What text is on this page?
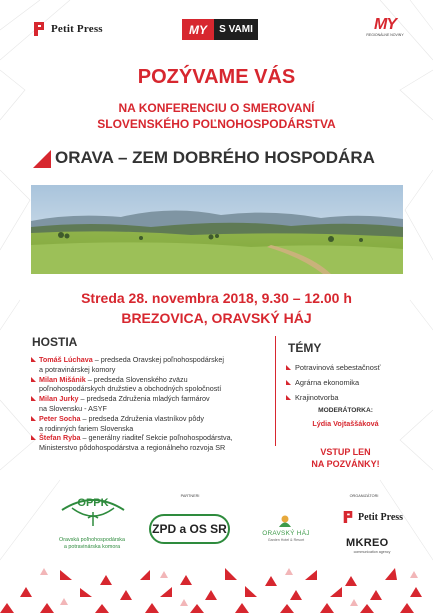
Petit Press	MY	S VAMI	MY
REGIONÁLNE NOVINY
POZÝVAME VÁS
NA KONFERENCIU O SMEROVANÍ
SLOVENSKÉHO POĽNOHOSPODÁRSTVA
ORAVA – ZEM DOBRÉHO HOSPODÁRA
Streda 28. novembra 2018, 9.30 – 12.00 h
BREZOVICA, ORAVSKÝ HÁJ
HOSTIA
Tomáš Lúchava – predseda Oravskej poľnohospodárskej
a potravinárskej komory
Milan Mišánik – predseda Slovenského zväzu
poľnohospodárskych družstiev a obchodných spoločností
Milan Jurky – predseda Združenia mladých farmárov
na Slovensku - ASYF
Peter Socha – predseda Združenia vlastníkov pôdy
a rodinných fariem Slovenska
Štefan Ryba – generálny riaditeľ Sekcie poľnohospodárstva,
Ministerstvo pôdohospodárstva a regionálneho rozvoja SR
TÉMY
Potravinová sebestačnosť
Agrárna ekonomika
Krajinotvorba
MODERÁTORKA:
Lýdia Vojtaššáková
VSTUP LEN
NA POZVÁNKY!
OPPK
Oravská poľnohospodárska
a potravinárska komora
PARTNERI
ZPD a OS SR	ORAVSKÝ HÁJ
Garden Hotel & Resort
ORGANIZÁTORI
Petit Press
MKREO
communication agency
